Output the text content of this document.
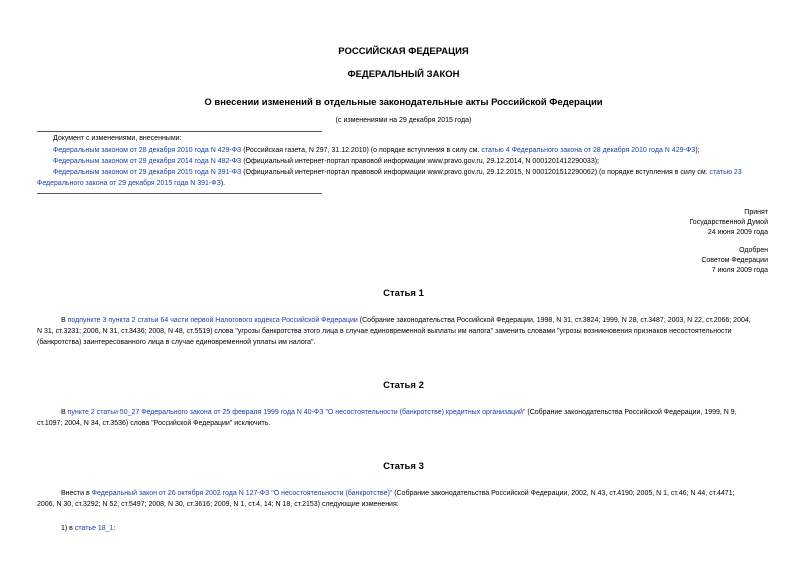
РОССИЙСКАЯ ФЕДЕРАЦИЯ
ФЕДЕРАЛЬНЫЙ ЗАКОН
О внесении изменений в отдельные законодательные акты Российской Федерации
(с изменениями на 29 декабря 2015 года)
Документ с изменениями, внесенными:
Федеральным законом от 28 декабря 2010 года N 429-ФЗ (Российская газета, N 297, 31.12.2010) (о порядке вступления в силу см. статью 4 Федерального закона от 28 декабря 2010 года N 429-ФЗ);
Федеральным законом от 29 декабря 2014 года N 482-ФЗ (Официальный интернет-портал правовой информации www.pravo.gov.ru, 29.12.2014, N 0001201412290033);
Федеральным законом от 29 декабря 2015 года N 391-ФЗ (Официальный интернет-портал правовой информации www.pravo.gov.ru, 29.12.2015, N 0001201512290062) (о порядке вступления в силу см. статью 23
Федерального закона от 29 декабря 2015 года N 391-ФЗ).
Принят
Государственной Думой
24 июня 2009 года
Одобрен
Советом Федерации
7 июля 2009 года
Статья 1
В подпункте 3 пункта 2 статьи 64 части первой Налогового кодекса Российской Федерации (Собрание законодательства Российской Федерации, 1998, N 31, ст.3824; 1999, N 28, ст.3487; 2003, N 22, ст.2066; 2004,
N 31, ст.3231; 2006, N 31, ст.3436; 2008, N 48, ст.5519) слова "угрозы банкротства этого лица в случае единовременной выплаты им налога" заменить словами "угрозы возникновения признаков несостоятельности
(банкротства) заинтересованного лица в случае единовременной уплаты им налога".
Статья 2
В пункте 2 статьи 50_27 Федерального закона от 25 февраля 1999 года N 40-ФЗ "О несостоятельности (банкротстве) кредитных организаций" (Собрание законодательства Российской Федерации, 1999, N 9,
ст.1097; 2004, N 34, ст.3536) слова "Российской Федерации" исключить.
Статья 3
Внести в Федеральный закон от 26 октября 2002 года N 127-ФЗ "О несостоятельности (банкротстве)" (Собрание законодательства Российской Федерации, 2002, N 43, ст.4190; 2005, N 1, ст.46; N 44, ст.4471;
2006, N 30, ст.3292; N 52, ст.5497; 2008, N 30, ст.3616; 2009, N 1, ст.4, 14; N 18, ст.2153) следующие изменения:
1) в статье 18_1:
